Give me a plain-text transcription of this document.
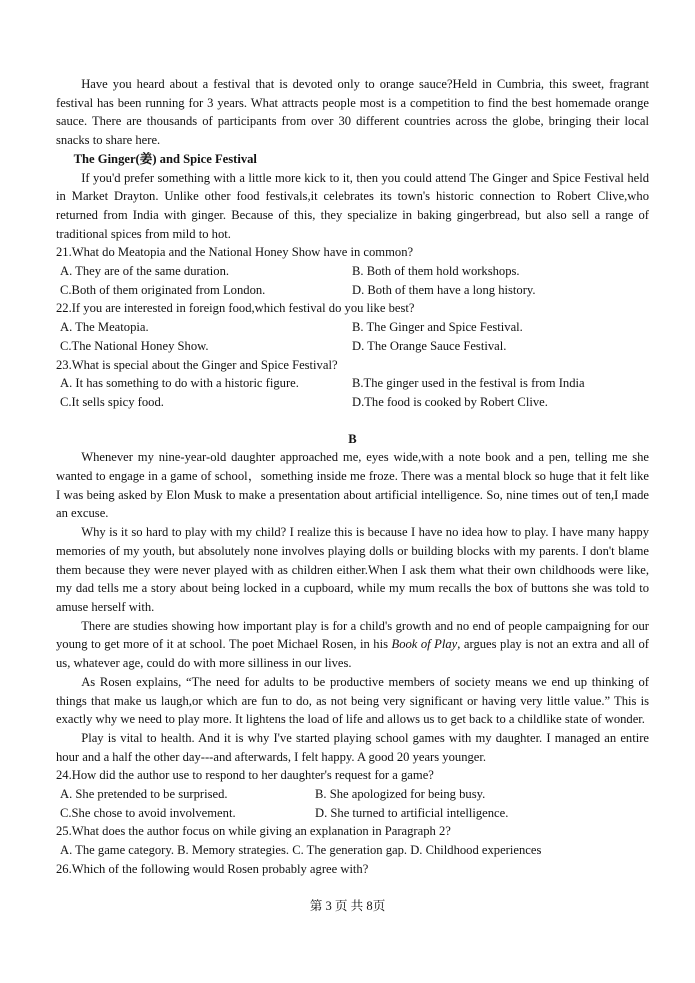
Have you heard about a festival that is devoted only to orange sauce?Held in Cumbria, this sweet, fragrant festival has been running for 3 years. What attracts people most is a competition to find the best homemade orange sauce. There are thousands of participants from over 30 different countries across the globe, bringing their local snacks to share here.

The Ginger(姜) and Spice Festival

If you'd prefer something with a little more kick to it, then you could attend The Ginger and Spice Festival held in Market Drayton. Unlike other food festivals,it celebrates its town's historic connection to Robert Clive,who returned from India with ginger. Because of this, they specialize in baking gingerbread, but also sell a range of traditional spices from mild to hot.

21.What do Meatopia and the National Honey Show have in common?
A. They are of the same duration.	B. Both of them hold workshops.
C.Both of them originated from London.	D. Both of them have a long history.
22.If you are interested in foreign food,which festival do you like best?
A. The Meatopia.	B. The Ginger and Spice Festival.
C.The National Honey Show.	D. The Orange Sauce Festival.
23.What is special about the Ginger and Spice Festival?
A. It has something to do with a historic figure.	B.The ginger used in the festival is from India
C.It sells spicy food.	D.The food is cooked by Robert Clive.
B

Whenever my nine-year-old daughter approached me, eyes wide,with a note book and a pen, telling me she wanted to engage in a game of school，something inside me froze. There was a mental block so huge that it felt like I was being asked by Elon Musk to make a presentation about artificial intelligence. So, nine times out of ten,I made an excuse.

Why is it so hard to play with my child? I realize this is because I have no idea how to play. I have many happy memories of my youth, but absolutely none involves playing dolls or building blocks with my parents. I don't blame them because they were never played with as children either.When I ask them what their own childhoods were like, my dad tells me a story about being locked in a cupboard, while my mum recalls the box of buttons she was told to amuse herself with.

There are studies showing how important play is for a child's growth and no end of people campaigning for our young to get more of it at school. The poet Michael Rosen, in his Book of Play, argues play is not an extra and all of us, whatever age, could do with more silliness in our lives.

As Rosen explains, “The need for adults to be productive members of society means we end up thinking of things that make us laugh,or which are fun to do, as not being very significant or having very little value.” This is exactly why we need to play more. It lightens the load of life and allows us to get back to a childlike state of wonder.

Play is vital to health. And it is why I've started playing school games with my daughter. I managed an entire hour and a half the other day---and afterwards, I felt happy. A good 20 years younger.

24.How did the author use to respond to her daughter's request for a game?
A. She pretended to be surprised.	B. She apologized for being busy.
C.She chose to avoid involvement.	D. She turned to artificial intelligence.
25.What does the author focus on while giving an explanation in Paragraph 2?
A. The game category. B. Memory strategies. C. The generation gap. D. Childhood experiences
26.Which of the following would Rosen probably agree with?
第 3 页 共 8页
